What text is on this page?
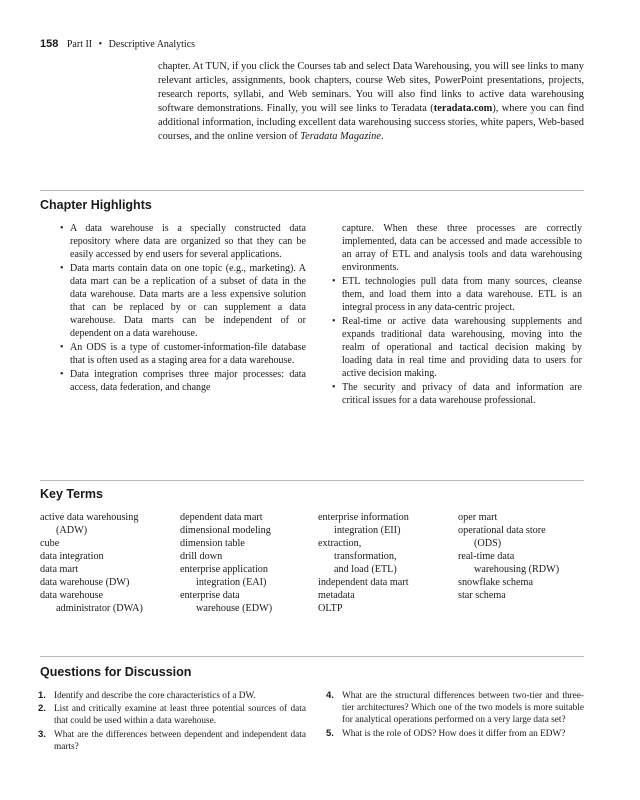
158 Part II • Descriptive Analytics

chapter. At TUN, if you click the Courses tab and select Data Warehousing, you will see links to many relevant articles, assignments, book chapters, course Web sites, PowerPoint presentations, projects, research reports, syllabi, and Web seminars. You will also find links to active data warehousing software demonstrations. Finally, you will see links to Teradata (teradata.com), where you can find additional information, including excellent data warehousing success stories, white papers, Web-based courses, and the online version of Teradata Magazine.

Chapter Highlights
• A data warehouse is a specially constructed data repository where data are organized so that they can be easily accessed by end users for several applications.
• Data marts contain data on one topic (e.g., marketing). A data mart can be a replication of a subset of data in the data warehouse. Data marts are a less expensive solution that can be replaced by or can supplement a data warehouse. Data marts can be independent of or dependent on a data warehouse.
• An ODS is a type of customer-information-file database that is often used as a staging area for a data warehouse.
• Data integration comprises three major processes: data access, data federation, and change
capture. When these three processes are correctly implemented, data can be accessed and made accessible to an array of ETL and analysis tools and data warehousing environments.
• ETL technologies pull data from many sources, cleanse them, and load them into a data warehouse. ETL is an integral process in any data-centric project.
• Real-time or active data warehousing supplements and expands traditional data warehousing, moving into the realm of operational and tactical decision making by loading data in real time and providing data to users for active decision making.
• The security and privacy of data and information are critical issues for a data warehouse professional.
Key Terms
active data warehousing
(ADW)
cube
data integration
data mart
data warehouse (DW)
data warehouse
administrator (DWA)
dependent data mart
dimensional modeling
dimension table
drill down
enterprise application
integration (EAI)
enterprise data
warehouse (EDW)
enterprise information
integration (EII)
extraction,
transformation,
and load (ETL)
independent data mart
metadata
OLTP
oper mart
operational data store
(ODS)
real-time data
warehousing (RDW)
snowflake schema
star schema
Questions for Discussion
1. Identify and describe the core characteristics of a DW.
2. List and critically examine at least three potential sources of data that could be used within a data warehouse.
3. What are the differences between dependent and independent data marts?
4. What are the structural differences between two-tier and three-tier architectures? Which one of the two models is more suitable for analytical operations performed on a very large data set?
5. What is the role of ODS? How does it differ from an EDW?
